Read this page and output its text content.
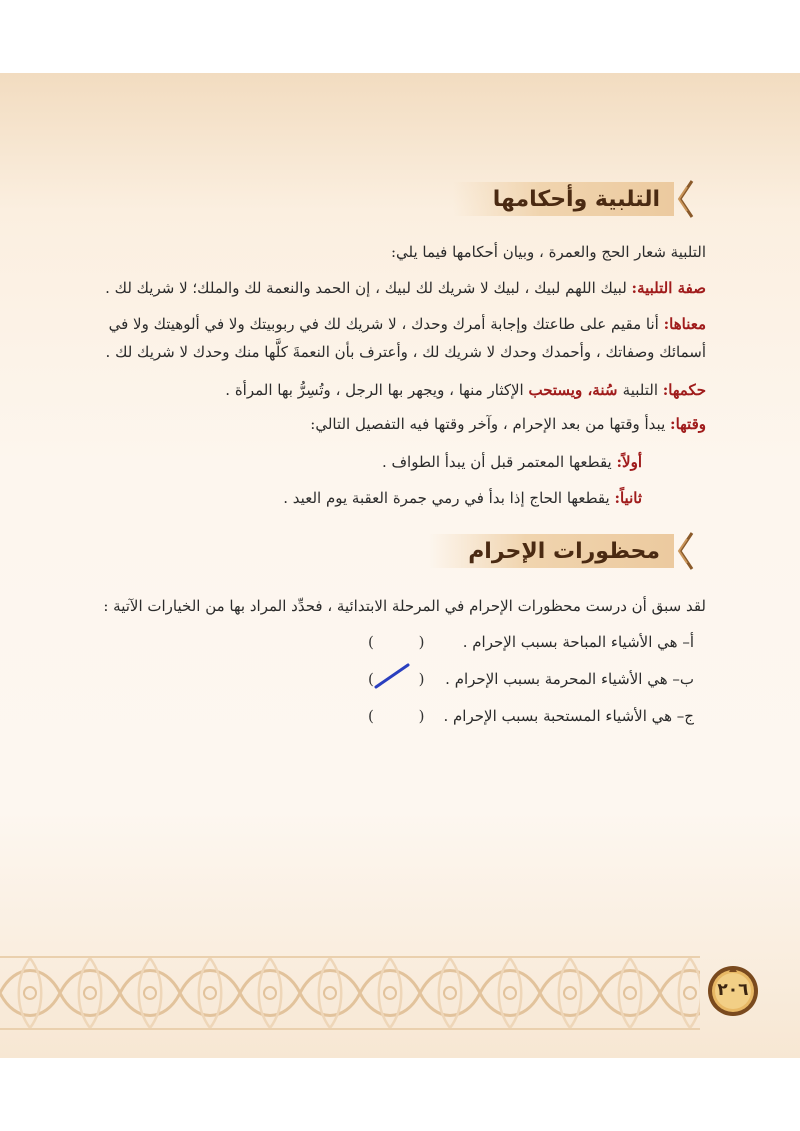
التلبية وأحكامها
التلبية شعار الحج والعمرة ، وبيان أحكامها فيما يلي:
صفة التلبية: لبيك اللهم لبيك ، لبيك لا شريك لك لبيك ، إن الحمد والنعمة لك والملك؛ لا شريك لك .
معناها: أنا مقيم على طاعتك وإجابة أمرك وحدك ، لا شريك لك في ربوبيتك ولا في ألوهيتك ولا في
أسمائك وصفاتك ، وأحمدك وحدك لا شريك لك ، وأعترف بأن النعمةَ كلَّها منك وحدك لا شريك لك .
حكمها: التلبية سُنة، ويستحب الإكثار منها ، ويجهر بها الرجل ، وتُسِرُّ بها المرأة .
وقتها: يبدأ وقتها من بعد الإحرام ، وآخر وقتها فيه التفصيل التالي:
أولاً: يقطعها المعتمر قبل أن يبدأ الطواف .
ثانياً: يقطعها الحاج إذا بدأ في رمي جمرة العقبة يوم العيد .
محظورات الإحرام
لقد سبق أن درست محظورات الإحرام في المرحلة الابتدائية ، فحدِّد المراد بها من الخيارات الآتية :
أ– هي الأشياء المباحة بسبب الإحرام .
( )
ب– هي الأشياء المحرمة بسبب الإحرام .
( )
ج– هي الأشياء المستحبة بسبب الإحرام .
( )
٢٠٦
